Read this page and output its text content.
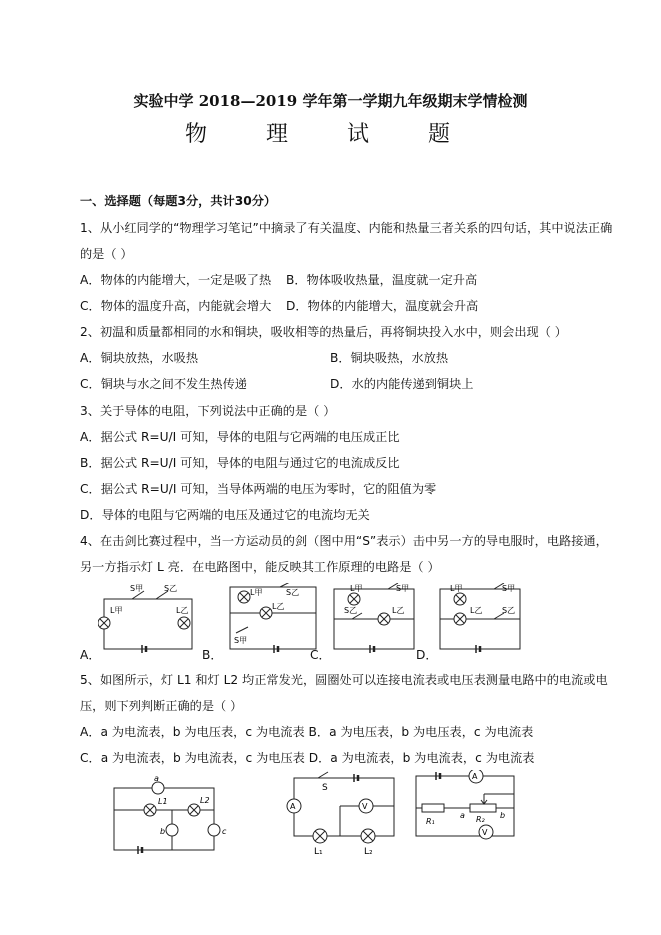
实验中学 2018—2019 学年第一学期九年级期末学情检测
物 理 试 题
一、选择题（每题3分，共计30分）
1、从小红同学的“物理学习笔记”中摘录了有关温度、内能和热量三者关系的四句话，其中说法正确
的是（ ）
A．物体的内能增大，一定是吸了热 B．物体吸收热量，温度就一定升高
C．物体的温度升高，内能就会增大 D．物体的内能增大，温度就会升高
2、初温和质量都相同的水和铜块，吸收相等的热量后，再将铜块投入水中，则会出现（ ）
A．铜块放热，水吸热	B．铜块吸热，水放热
C．铜块与水之间不发生热传递	D．水的内能传递到铜块上
3、关于导体的电阻，下列说法中正确的是（ ）
A．据公式 R=U/I 可知，导体的电阻与它两端的电压成正比
B．据公式 R=U/I 可知，导体的电阻与通过它的电流成反比
C．据公式 R=U/I 可知，当导体两端的电压为零时，它的阻值为零
D．导体的电阻与它两端的电压及通过它的电流均无关
4、在击剑比赛过程中，当一方运动员的剑（图中用“S”表示）击中另一方的导电服时，电路接通，
另一方指示灯 L 亮．在电路图中，能反映其工作原理的电路是（ ）
S甲	S乙
L甲	L乙
A．
L甲
L乙
S乙
S甲
B．
L甲	S甲
S乙	L乙
C．
L甲	S甲
L乙 S乙
D．
5、如图所示，灯 L1 和灯 L2 均正常发光，圆圈处可以连接电流表或电压表测量电路中的电流或电
压，则下列判断正确的是（ ）
A．a 为电流表，b 为电压表，c 为电流表 B．a 为电压表，b 为电压表，c 为电流表
C．a 为电流表，b 为电流表，c 为电压表 D．a 为电流表，b 为电流表，c 为电流表
a
L1	L2
b	c
S
A	V
L₁	L₂
A
V
R₁	R₂
a	b
